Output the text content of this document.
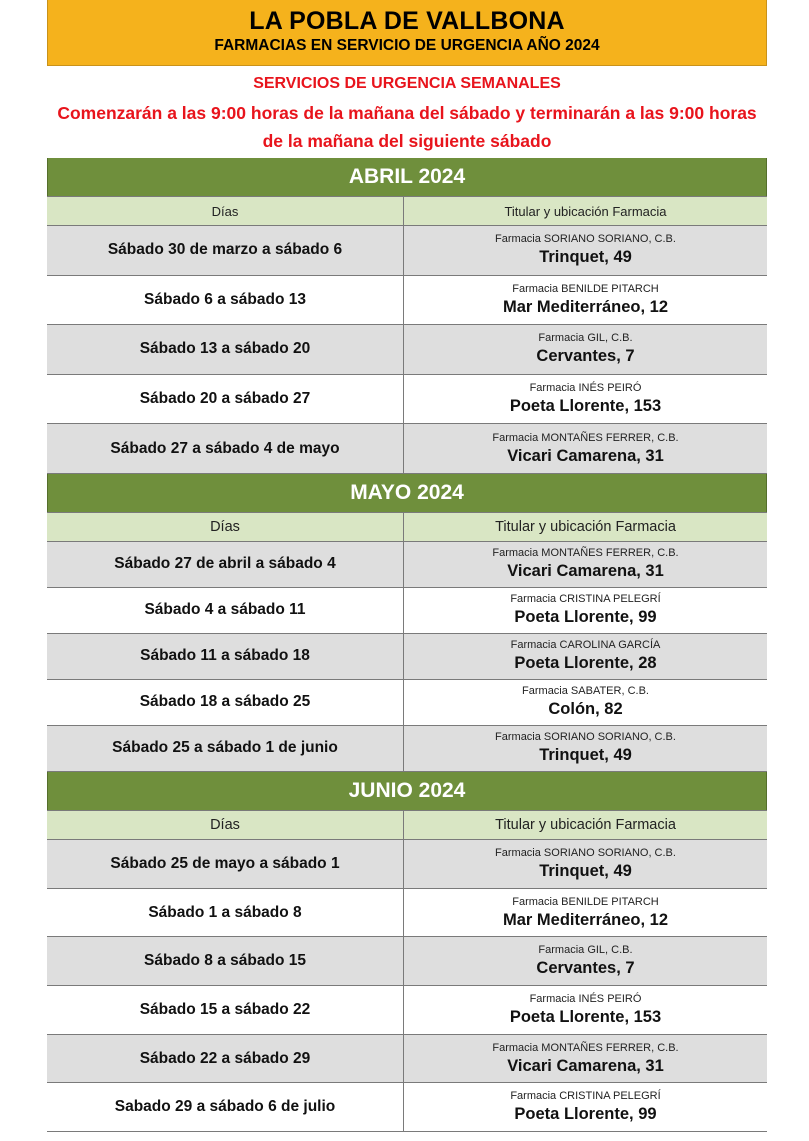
LA POBLA DE VALLBONA
FARMACIAS EN SERVICIO DE URGENCIA AÑO 2024
SERVICIOS DE URGENCIA SEMANALES
Comenzarán a las 9:00 horas de la mañana del sábado y terminarán a las 9:00 horas de la mañana del siguiente sábado
ABRIL 2024
Días	Titular y ubicación Farmacia
Sábado 30 de marzo a sábado 6
Farmacia SORIANO SORIANO, C.B.
Trinquet, 49
Sábado 6 a sábado 13
Farmacia BENILDE PITARCH
Mar Mediterráneo, 12
Sábado 13 a sábado 20
Farmacia GIL, C.B.
Cervantes, 7
Sábado 20 a sábado 27
Farmacia INÉS PEIRÓ
Poeta Llorente, 153
Sábado 27 a sábado 4 de mayo
Farmacia MONTAÑES FERRER, C.B.
Vicari Camarena, 31
MAYO 2024
Días	Titular y ubicación Farmacia
Sábado 27 de abril a sábado 4
Farmacia MONTAÑES FERRER, C.B.
Vicari Camarena, 31
Sábado 4 a sábado 11
Farmacia CRISTINA PELEGRÍ
Poeta Llorente, 99
Sábado 11 a sábado 18
Farmacia CAROLINA GARCÍA
Poeta Llorente, 28
Sábado 18 a sábado 25
Farmacia SABATER, C.B.
Colón, 82
Sábado 25 a sábado 1 de junio
Farmacia SORIANO SORIANO, C.B.
Trinquet, 49
JUNIO 2024
Días	Titular y ubicación Farmacia
Sábado 25 de mayo a sábado 1
Farmacia SORIANO SORIANO, C.B.
Trinquet, 49
Sábado 1 a sábado 8
Farmacia BENILDE PITARCH
Mar Mediterráneo, 12
Sábado 8 a sábado 15
Farmacia GIL, C.B.
Cervantes, 7
Sábado 15 a sábado 22
Farmacia INÉS PEIRÓ
Poeta Llorente, 153
Sábado 22 a sábado 29
Farmacia MONTAÑES FERRER, C.B.
Vicari Camarena, 31
Sabado 29 a sábado 6 de julio
Farmacia CRISTINA PELEGRÍ
Poeta Llorente, 99
